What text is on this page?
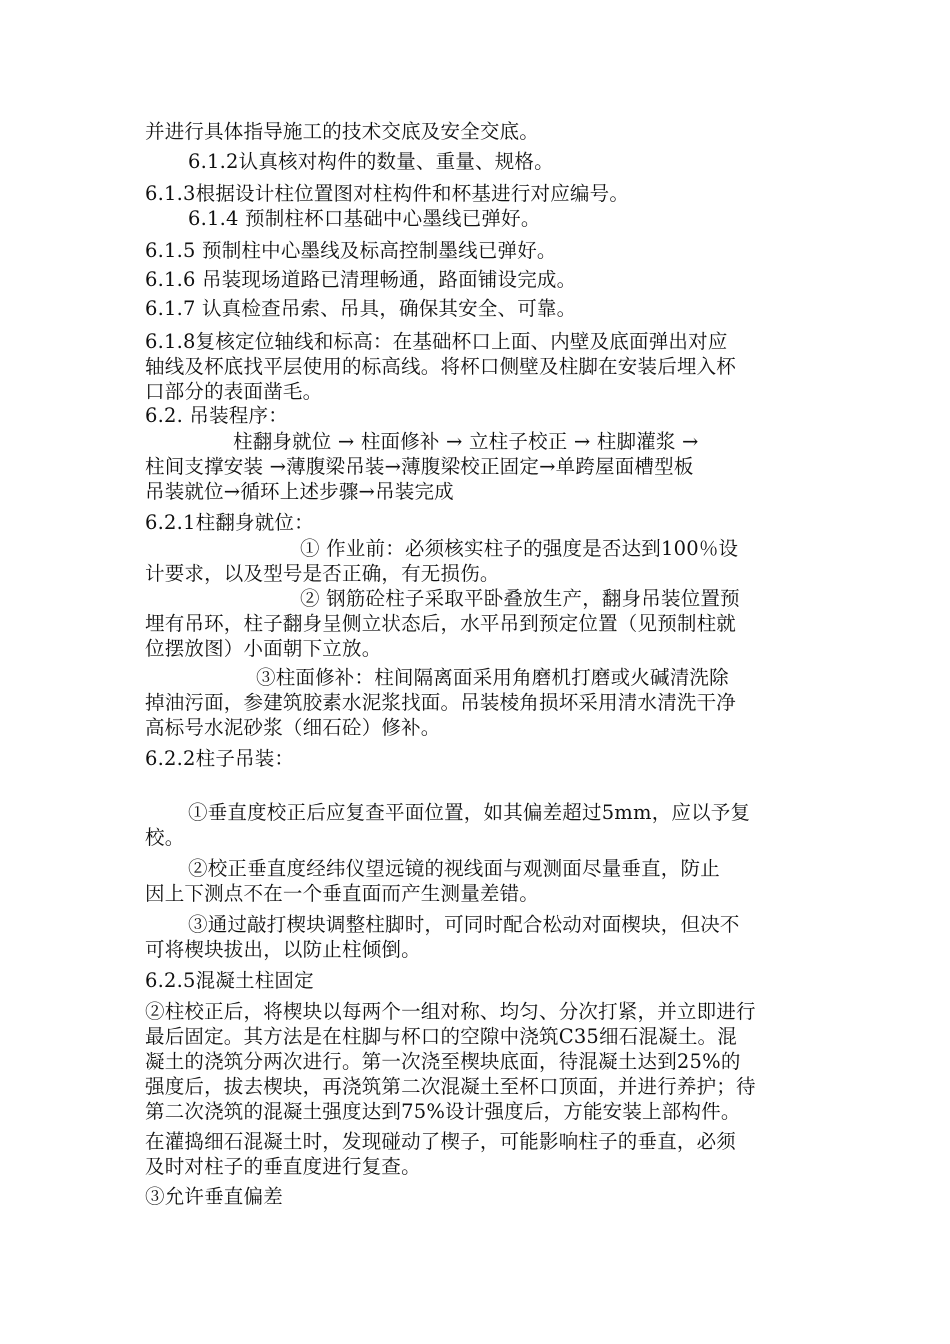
并进行具体指导施工的技术交底及安全交底。
6.1.2认真核对构件的数量、重量、规格。
6.1.3根据设计柱位置图对柱构件和杯基进行对应编号。
6.1.4 预制柱杯口基础中心墨线已弹好。
6.1.5 预制柱中心墨线及标高控制墨线已弹好。
6.1.6 吊装现场道路已清理畅通，路面铺设完成。
6.1.7 认真检查吊索、吊具，确保其安全、可靠。
6.1.8复核定位轴线和标高：在基础杯口上面、内壁及底面弹出对应
轴线及杯底找平层使用的标高线。将杯口侧壁及柱脚在安装后埋入杯
口部分的表面凿毛。
6.2. 吊装程序：
柱翻身就位 → 柱面修补 → 立柱子校正 → 柱脚灌浆 →
柱间支撑安装 →薄腹梁吊装→薄腹梁校正固定→单跨屋面槽型板
吊装就位→循环上述步骤→吊装完成
6.2.1柱翻身就位：
① 作业前：必须核实柱子的强度是否达到100％设
计要求，以及型号是否正确，有无损伤。
② 钢筋砼柱子采取平卧叠放生产，翻身吊装位置预
埋有吊环，柱子翻身呈侧立状态后，水平吊到预定位置（见预制柱就
位摆放图）小面朝下立放。
③柱面修补：柱间隔离面采用角磨机打磨或火碱清洗除
掉油污面，参建筑胶素水泥浆找面。吊装棱角损坏采用清水清洗干净
高标号水泥砂浆（细石砼）修补。
6.2.2柱子吊装：
①垂直度校正后应复查平面位置，如其偏差超过5mm，应以予复
校。
②校正垂直度经纬仪望远镜的视线面与观测面尽量垂直，防止
因上下测点不在一个垂直面而产生测量差错。
③通过敲打楔块调整柱脚时，可同时配合松动对面楔块，但决不
可将楔块拔出，以防止柱倾倒。
6.2.5混凝土柱固定
②柱校正后，将楔块以每两个一组对称、均匀、分次打紧，并立即进行
最后固定。其方法是在柱脚与杯口的空隙中浇筑C35细石混凝土。混
凝土的浇筑分两次进行。第一次浇至楔块底面，待混凝土达到25%的
强度后，拔去楔块，再浇筑第二次混凝土至杯口顶面，并进行养护；待
第二次浇筑的混凝土强度达到75%设计强度后，方能安装上部构件。
在灌捣细石混凝土时，发现碰动了楔子，可能影响柱子的垂直，必须
及时对柱子的垂直度进行复查。
③允许垂直偏差
